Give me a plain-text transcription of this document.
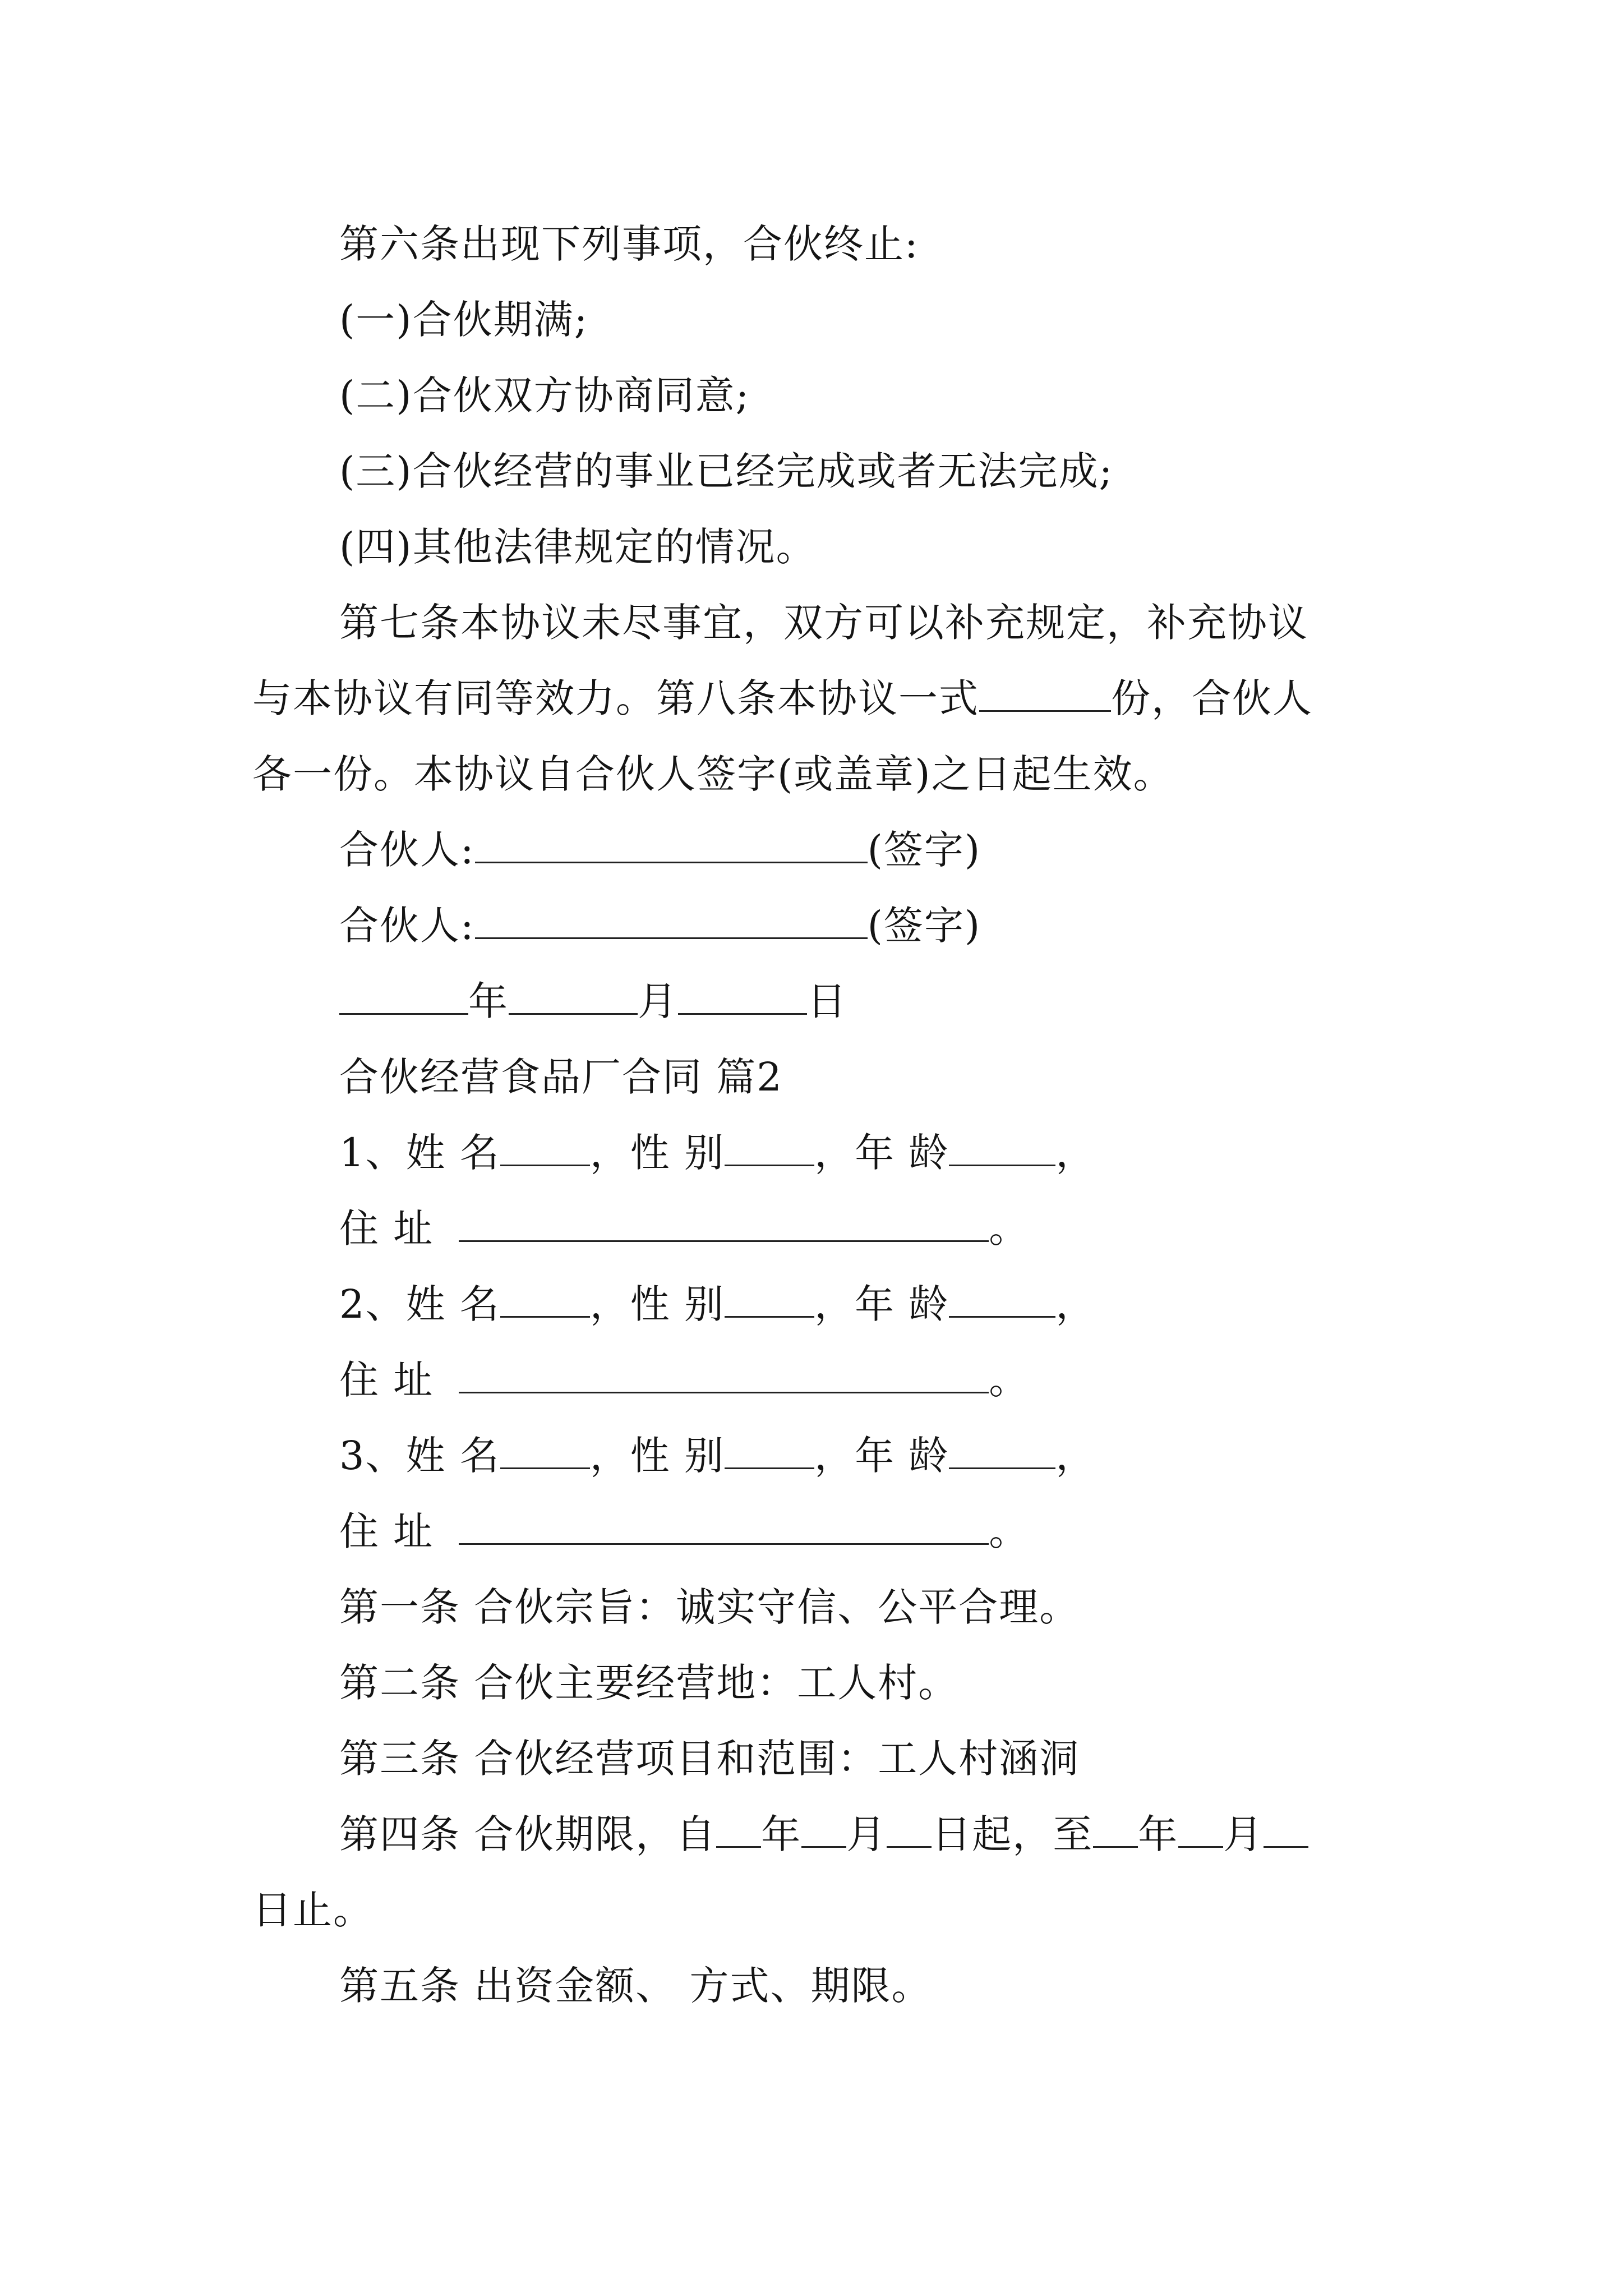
第六条出现下列事项，合伙终止:
(一)合伙期满;
(二)合伙双方协商同意;
(三)合伙经营的事业已经完成或者无法完成;
(四)其他法律规定的情况。
第七条本协议未尽事宜，双方可以补充规定，补充协议
与本协议有同等效力。第八条本协议一式	份，合伙人
各一份。本协议自合伙人签字(或盖章)之日起生效。
合伙人:	(签字)
合伙人:	(签字)
年	月	日
合伙经营食品厂合同 篇2
1、姓 名 ，性 别 ，年 龄	，
住 址	。
2、姓 名 ，性 别 ，年 龄	，
住 址	。
3、姓 名 ，性 别 ，年 龄	，
住 址	。
第一条 合伙宗旨：诚实守信、公平合理。
第二条 合伙主要经营地：工人村。
第三条 合伙经营项目和范围：工人村涵洞
第四条 合伙期限，自 年 月 日起，至 年 月
日止。
第五条 出资金额、 方式、期限。
